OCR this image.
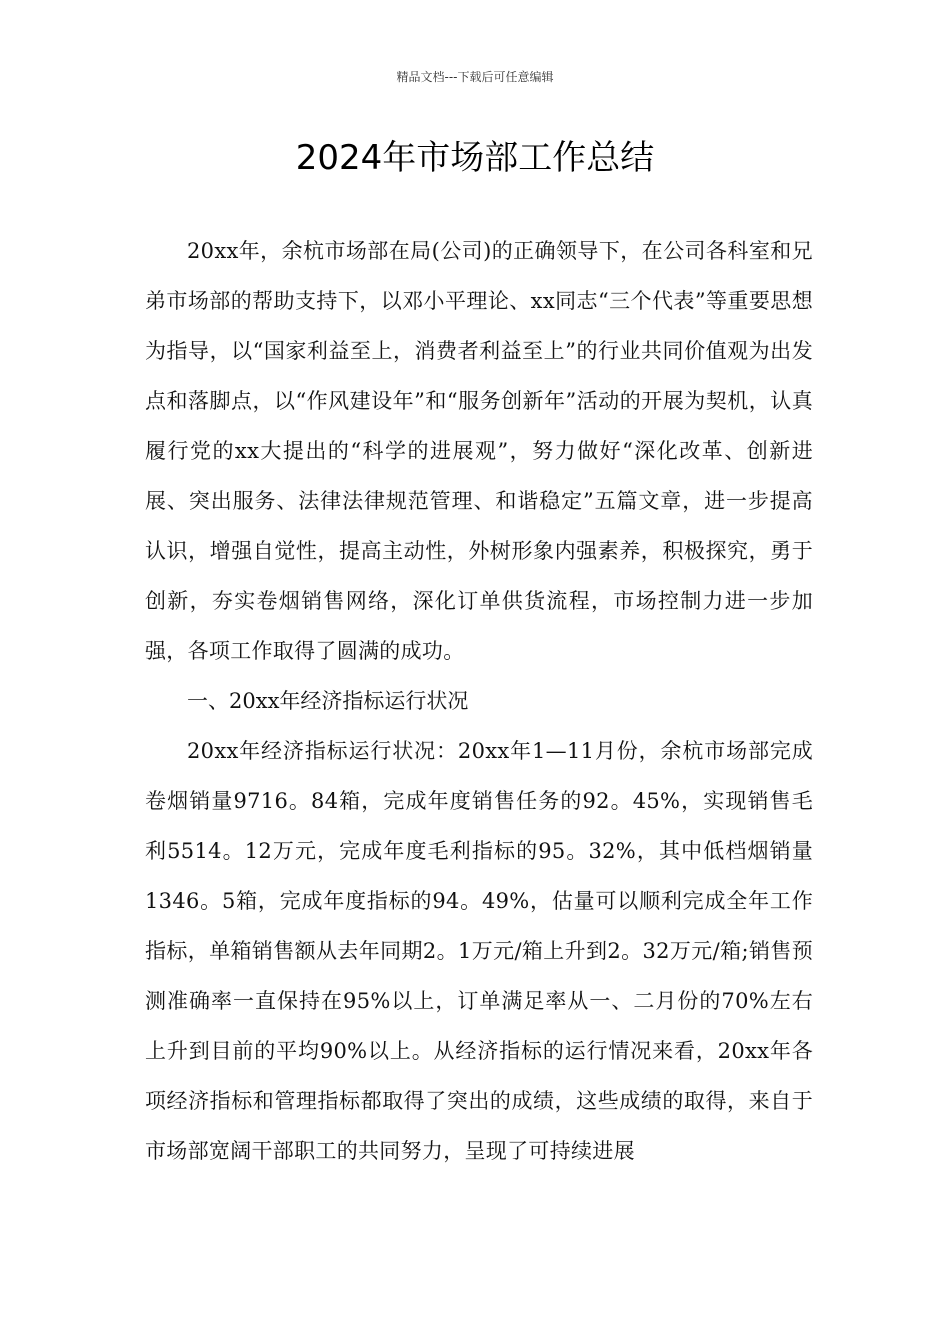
精品文档---下载后可任意编辑
2024年市场部工作总结

20xx年，余杭市场部在局(公司)的正确领导下，在公司各科室和兄弟市场部的帮助支持下，以邓小平理论、xx同志“三个代表”等重要思想为指导，以“国家利益至上，消费者利益至上”的行业共同价值观为出发点和落脚点，以“作风建设年”和“服务创新年”活动的开展为契机，认真履行党的xx大提出的“科学的进展观”，努力做好“深化改革、创新进展、突出服务、法律法律规范管理、和谐稳定”五篇文章，进一步提高认识，增强自觉性，提高主动性，外树形象内强素养，积极探究，勇于创新，夯实卷烟销售网络，深化订单供货流程，市场控制力进一步加强，各项工作取得了圆满的成功。

一、20xx年经济指标运行状况

20xx年经济指标运行状况：20xx年1—11月份，余杭市场部完成卷烟销量9716。84箱，完成年度销售任务的92。45%，实现销售毛利5514。12万元，完成年度毛利指标的95。32%，其中低档烟销量1346。5箱，完成年度指标的94。49%，估量可以顺利完成全年工作指标，单箱销售额从去年同期2。1万元/箱上升到2。32万元/箱;销售预测准确率一直保持在95%以上，订单满足率从一、二月份的70%左右上升到目前的平均90%以上。从经济指标的运行情况来看，20xx年各项经济指标和管理指标都取得了突出的成绩，这些成绩的取得，来自于市场部宽阔干部职工的共同努力，呈现了可持续进展
